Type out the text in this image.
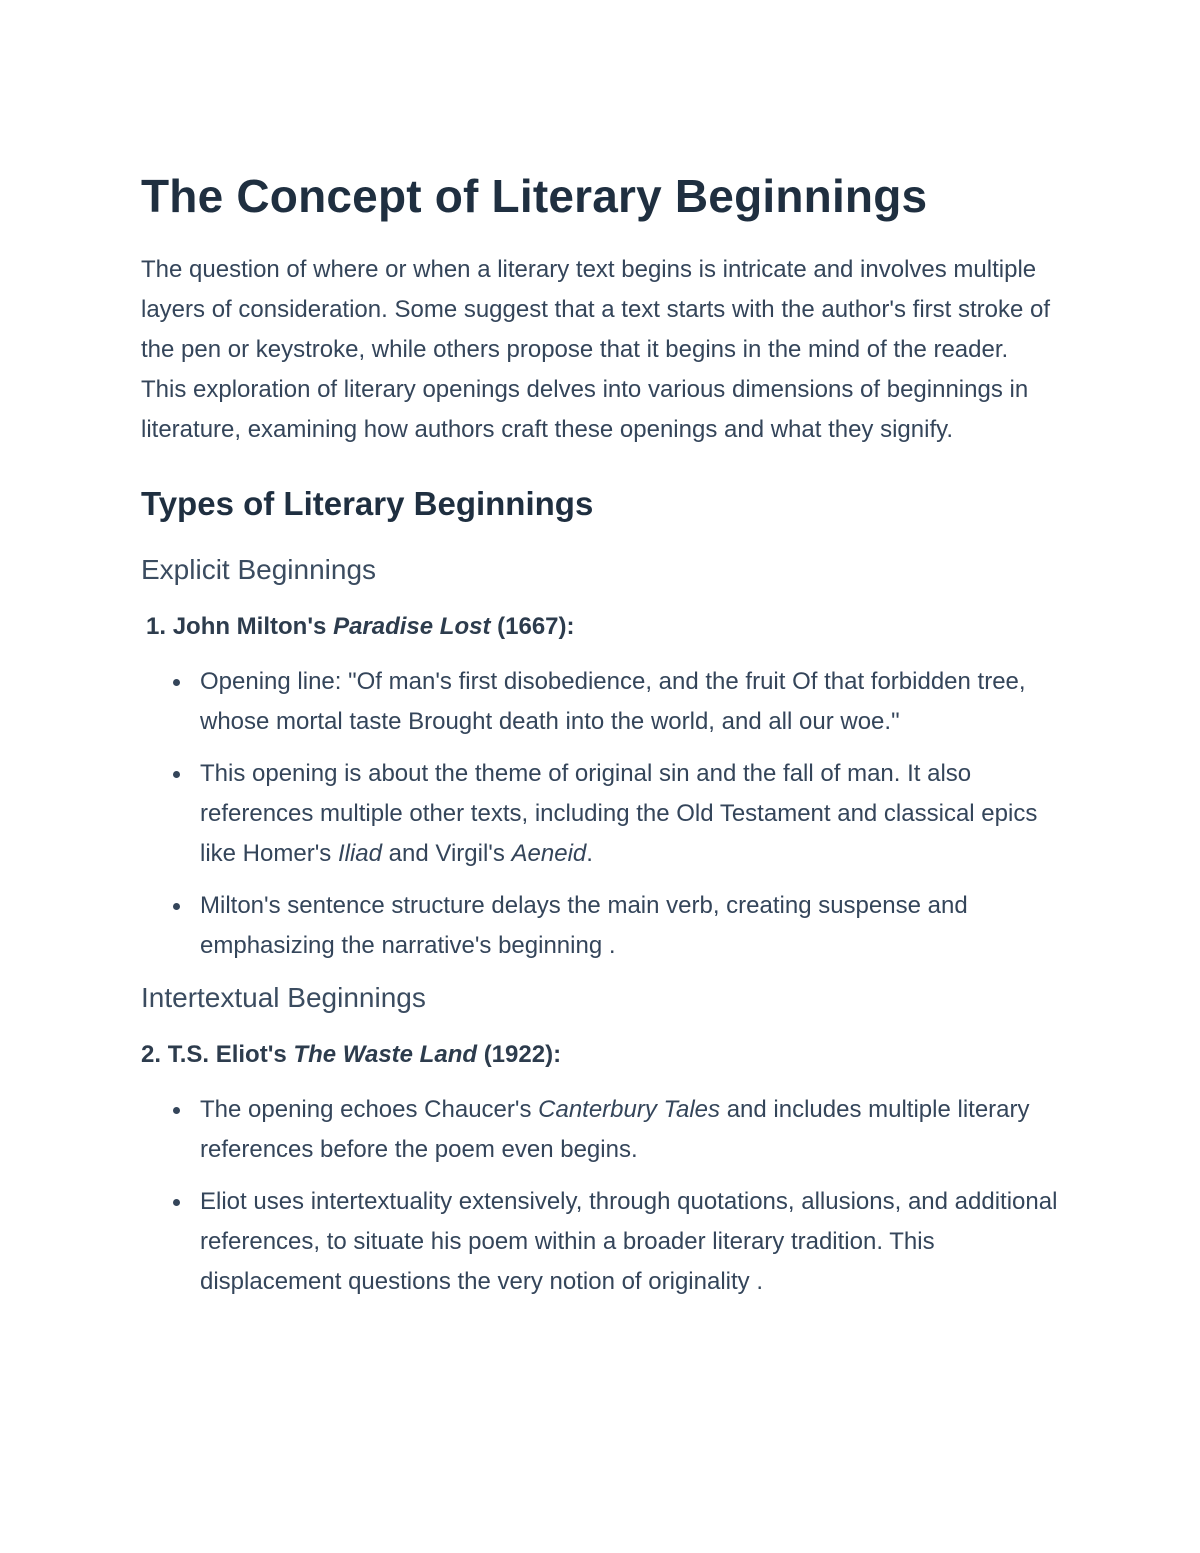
The Concept of Literary Beginnings

The question of where or when a literary text begins is intricate and involves multiple layers of consideration. Some suggest that a text starts with the author's first stroke of the pen or keystroke, while others propose that it begins in the mind of the reader. This exploration of literary openings delves into various dimensions of beginnings in literature, examining how authors craft these openings and what they signify.

Types of Literary Beginnings
Explicit Beginnings
1. John Milton's Paradise Lost (1667):
Opening line: "Of man's first disobedience, and the fruit Of that forbidden tree, whose mortal taste Brought death into the world, and all our woe."
This opening is about the theme of original sin and the fall of man. It also references multiple other texts, including the Old Testament and classical epics like Homer's Iliad and Virgil's Aeneid.
Milton's sentence structure delays the main verb, creating suspense and emphasizing the narrative's beginning .
Intertextual Beginnings
2. T.S. Eliot's The Waste Land (1922):
The opening echoes Chaucer's Canterbury Tales and includes multiple literary references before the poem even begins.
Eliot uses intertextuality extensively, through quotations, allusions, and additional references, to situate his poem within a broader literary tradition. This displacement questions the very notion of originality .
